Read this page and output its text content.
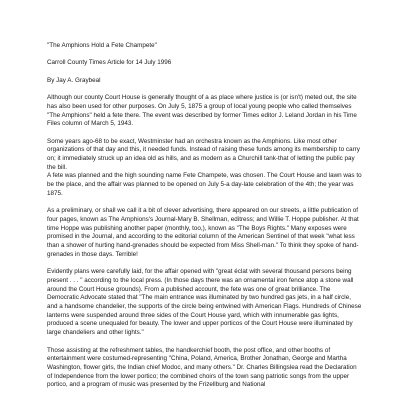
"The Amphions Hold a Fete Champete"

Carroll County Times Article for 14 July 1996

By Jay A. Graybeal

Although our county Court House is generally thought of a as place where justice is (or isn't) meted out, the site has also been used for other purposes. On July 5, 1875 a group of local young people who called themselves "The Amphions" held a fete there. The event was described by former Times editor J. Leland Jordan in his Time Files column of March 5, 1943.

Some years ago-68 to be exact, Westminster had an orchestra known as the Amphions. Like most other organizations of that day and this, it needed funds. Instead of raising these funds among its membership to carry on; it immediately struck up an idea old as hills, and as modern as a Churchill tank-that of letting the public pay the bill.

A fete was planned and the high sounding name Fete Champete, was chosen. The Court House and lawn was to be the place, and the affair was planned to be opened on July 5-a day-late celebration of the 4th; the year was 1875.

As a preliminary, or shall we call it a bit of clever advertising, there appeared on our streets, a little publication of four pages, known as The Amphions's Journal-Mary B. Shellman, editress; and Willie T. Hoppe publisher. At that time Hoppe was publishing another paper (monthly, too,), known as "The Boys Rights." Many exposes were promised in the Journal, and according to the editorial column of the American Sentinel of that week "what less than a shower of hurting hand-grenades should be expected from Miss Shell-man." To think they spoke of hand-grenades in those days. Terrible!

Evidently plans were carefully laid, for the affair opened with "great éclat with several thousand persons being present . . . " according to the local press. (In those days there was an ornamental iron fence atop a stone wall around the Court House grounds). From a published account, the fete was one of great brilliance. The Democratic Advocate stated that "The main entrance was illuminated by two hundred gas jets, in a half circle, and a handsome chandelier, the supports of the circle being entwined with American Flags. Hundreds of Chinese lanterns were suspended around three sides of the Court House yard, which with innumerable gas lights, produced a scene unequaled for beauty. The lower and upper porticos of the Court House were illuminated by large chandeliers and other lights."

Those assisting at the refreshment tables, the handkerchief booth, the post office, and other booths of entertainment were costumed-representing "China, Poland, America, Brother Jonathan, George and Martha Washington, flower girls, the Indian chief Modoc, and many others." Dr. Charles Billingslea read the Declaration of Independence from the lower portico; the combined choirs of the town sang patriotic songs from the upper portico, and a program of music was presented by the Frizellburg and National
